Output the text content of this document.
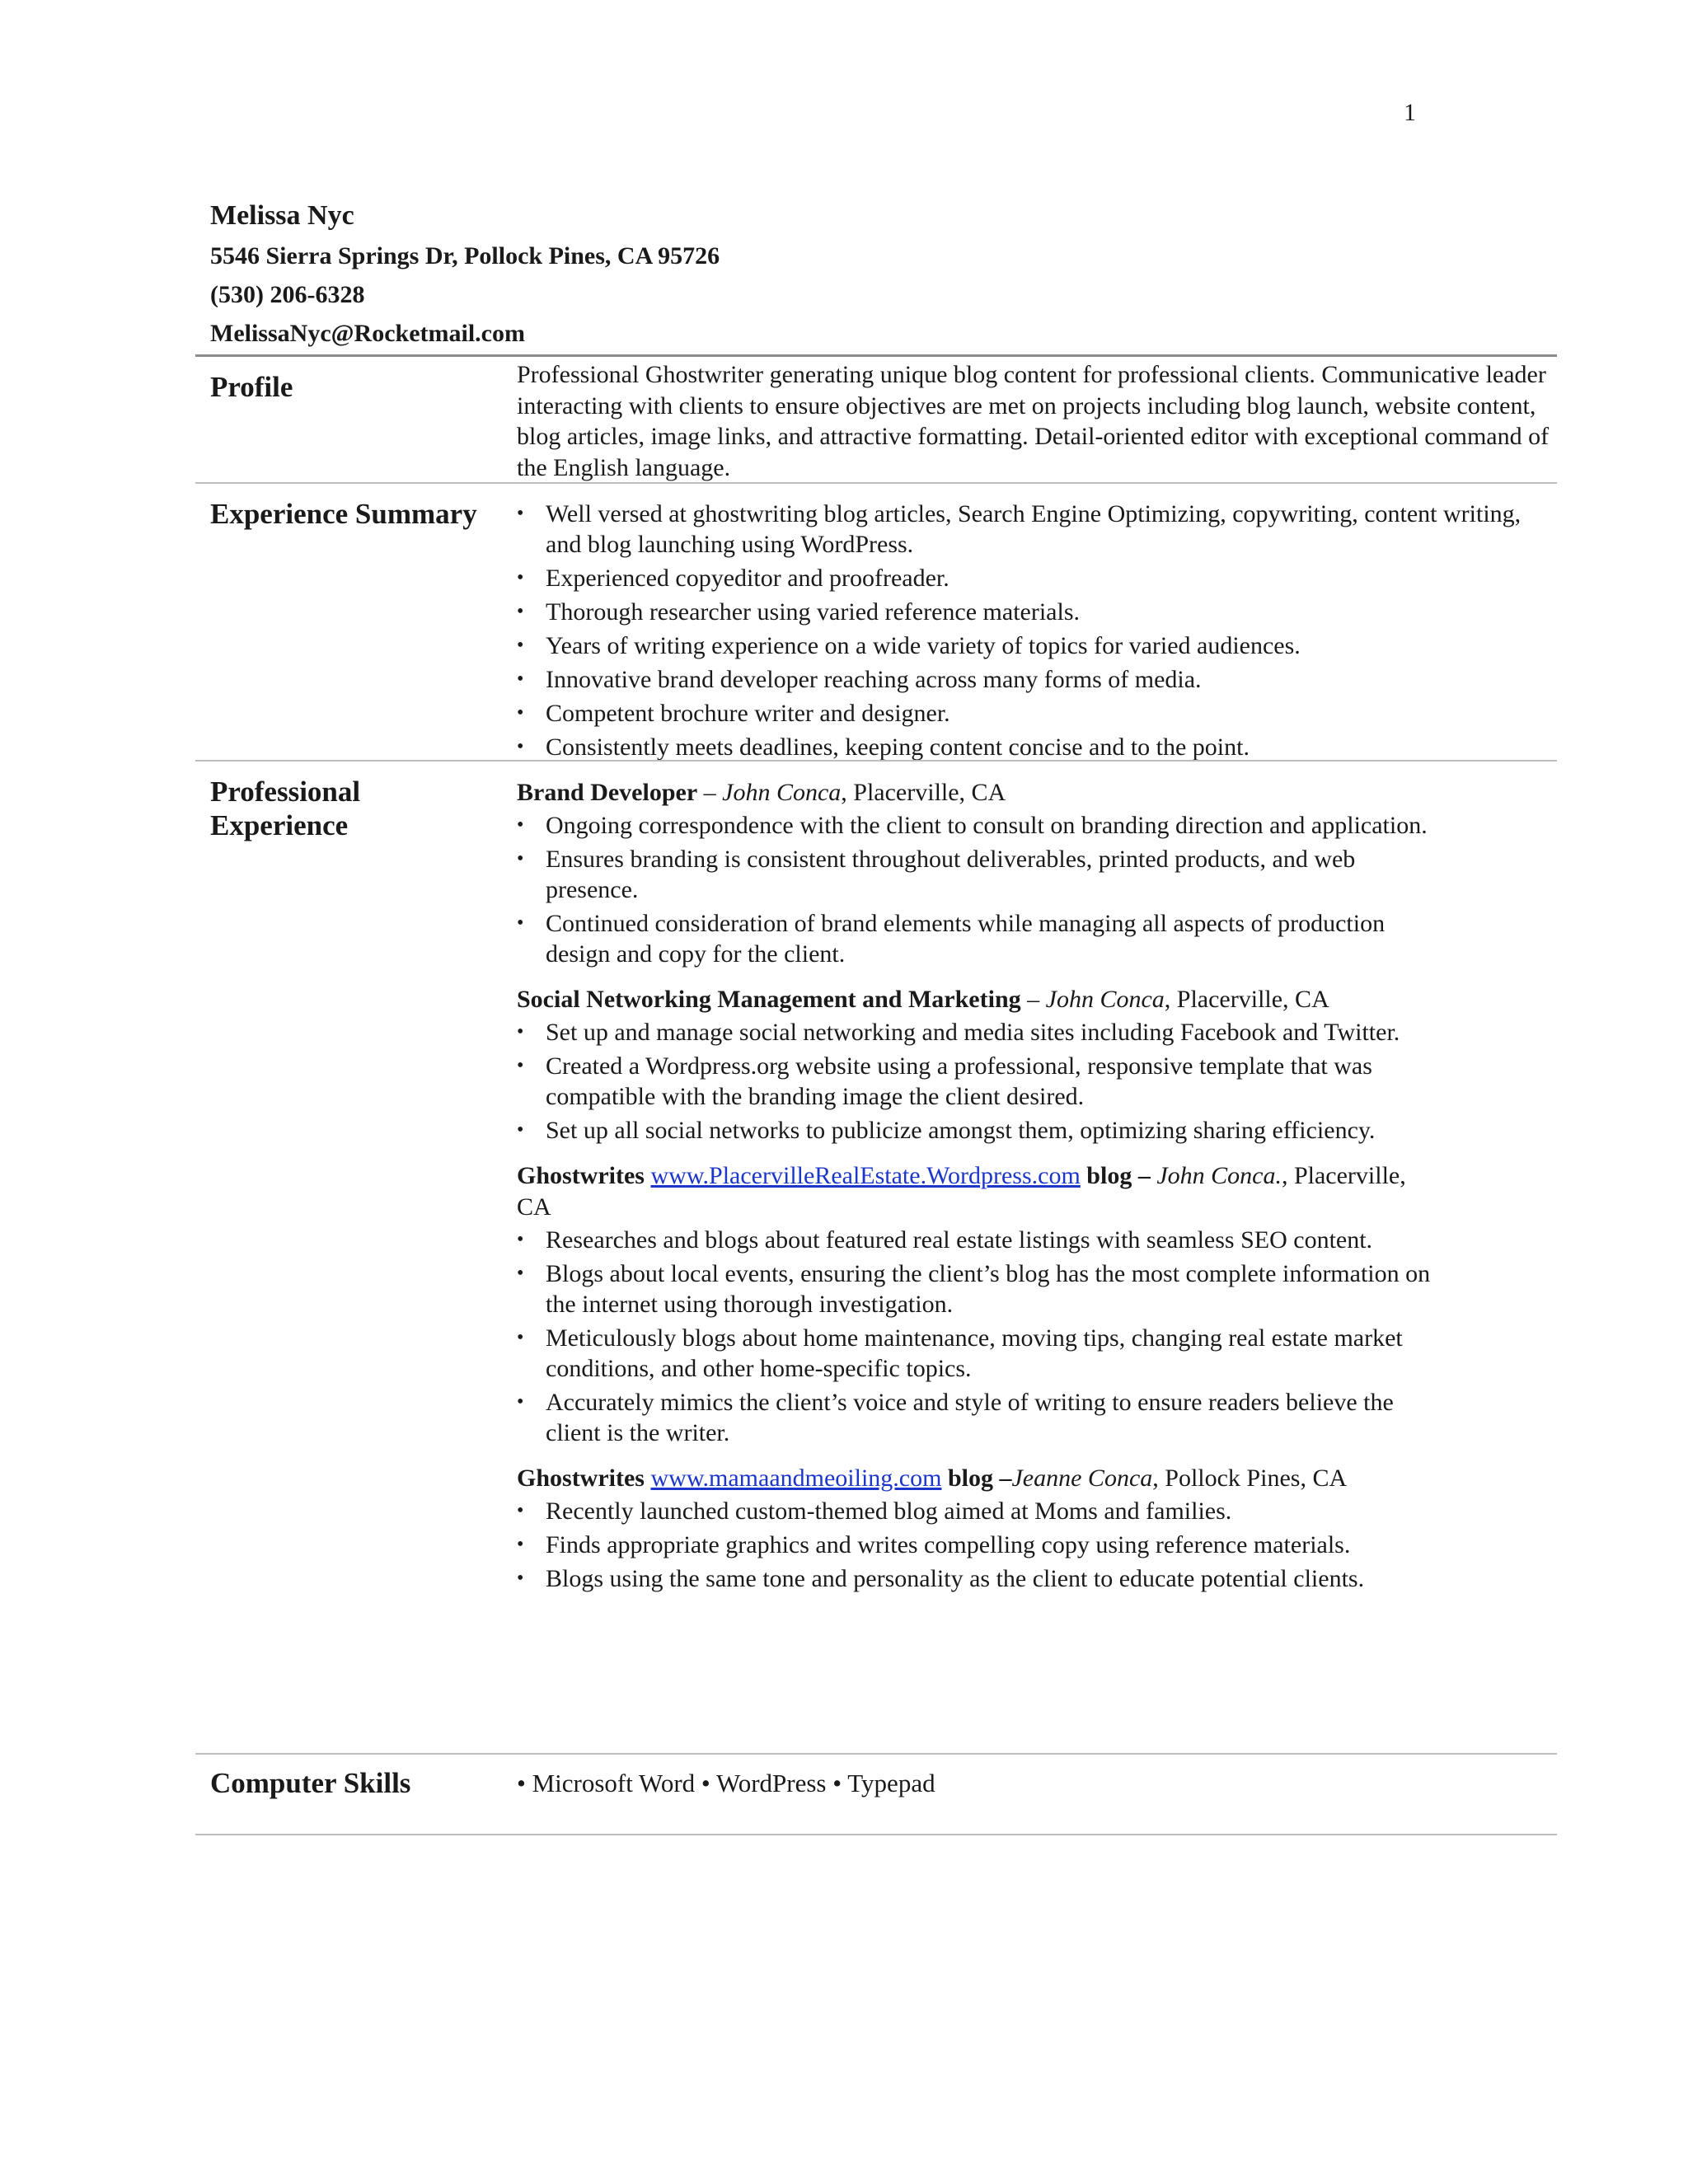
1
Melissa Nyc
5546 Sierra Springs Dr, Pollock Pines, CA 95726
(530) 206-6328
MelissaNyc@Rocketmail.com
Profile	Professional Ghostwriter generating unique blog content for professional clients. Communicative leader interacting with clients to ensure objectives are met on projects including blog launch, website content, blog articles, image links, and attractive formatting. Detail-oriented editor with exceptional command of the English language.

Experience Summary
•	Well versed at ghostwriting blog articles, Search Engine Optimizing, copywriting, content writing, and blog launching using WordPress.
• Experienced copyeditor and proofreader.
• Thorough researcher using varied reference materials.
• Years of writing experience on a wide variety of topics for varied audiences.
• Innovative brand developer reaching across many forms of media.
• Competent brochure writer and designer.
• Consistently meets deadlines, keeping content concise and to the point.
Professional Experience
Brand Developer – John Conca, Placerville, CA
• Ongoing correspondence with the client to consult on branding direction and application.
• Ensures branding is consistent throughout deliverables, printed products, and web presence.
• Continued consideration of brand elements while managing all aspects of production design and copy for the client.
Social Networking Management and Marketing – John Conca, Placerville, CA
• Set up and manage social networking and media sites including Facebook and Twitter.
• Created a Wordpress.org website using a professional, responsive template that was compatible with the branding image the client desired.
• Set up all social networks to publicize amongst them, optimizing sharing efficiency.
Ghostwrites www.PlacervilleRealEstate.Wordpress.com blog – John Conca., Placerville, CA
• Researches and blogs about featured real estate listings with seamless SEO content.
• Blogs about local events, ensuring the client’s blog has the most complete information on the internet using thorough investigation.
• Meticulously blogs about home maintenance, moving tips, changing real estate market conditions, and other home-specific topics.
• Accurately mimics the client’s voice and style of writing to ensure readers believe the client is the writer.
Ghostwrites www.mamaandmeoiling.com blog –Jeanne Conca, Pollock Pines, CA
• Recently launched custom-themed blog aimed at Moms and families.
• Finds appropriate graphics and writes compelling copy using reference materials.
• Blogs using the same tone and personality as the client to educate potential clients.
Computer Skills	• Microsoft Word • WordPress • Typepad
